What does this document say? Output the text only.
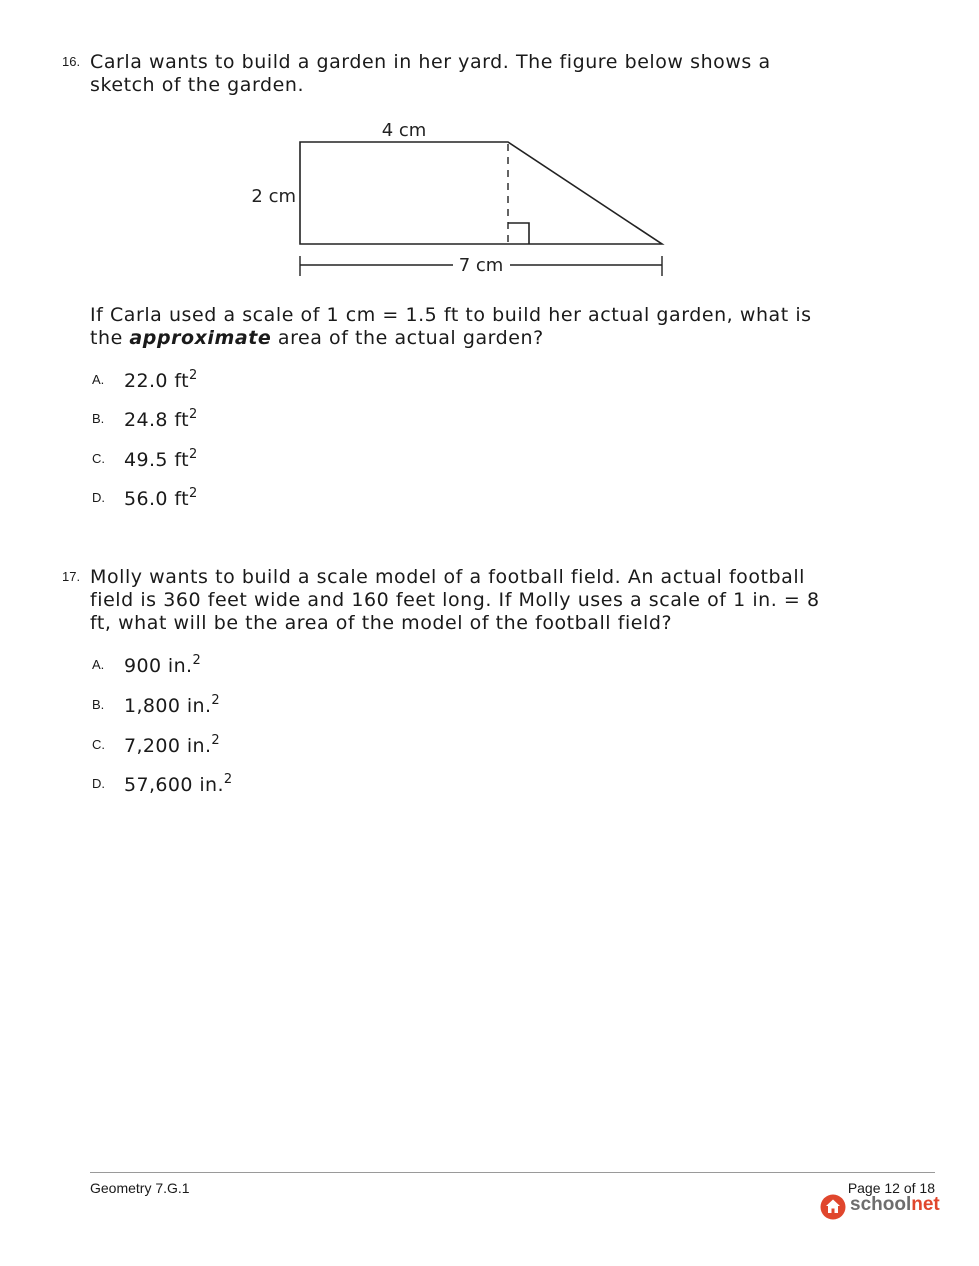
16. Carla wants to build a garden in her yard. The figure below shows a
sketch of the garden.
4 cm
2 cm
7 cm
If Carla used a scale of 1 cm = 1.5 ft to build her actual garden, what is
the approximate area of the actual garden?
A. 22.0 $ft^2$
B. 24.8 $ft^2$
C. 49.5 $ft^2$
D. 56.0 $ft^2$
17. Molly wants to build a scale model of a football field. An actual football
field is 360 feet wide and 160 feet long. If Molly uses a scale of 1 in. = 8
ft, what will be the area of the model of the football field?
A. 900 in.$^2$
B. 1,800 in.$^2$
C. 7,200 in.$^2$
D. 57,600 in.$^2$
Geometry 7.G.1	Page 12 of 18
schoolnet
